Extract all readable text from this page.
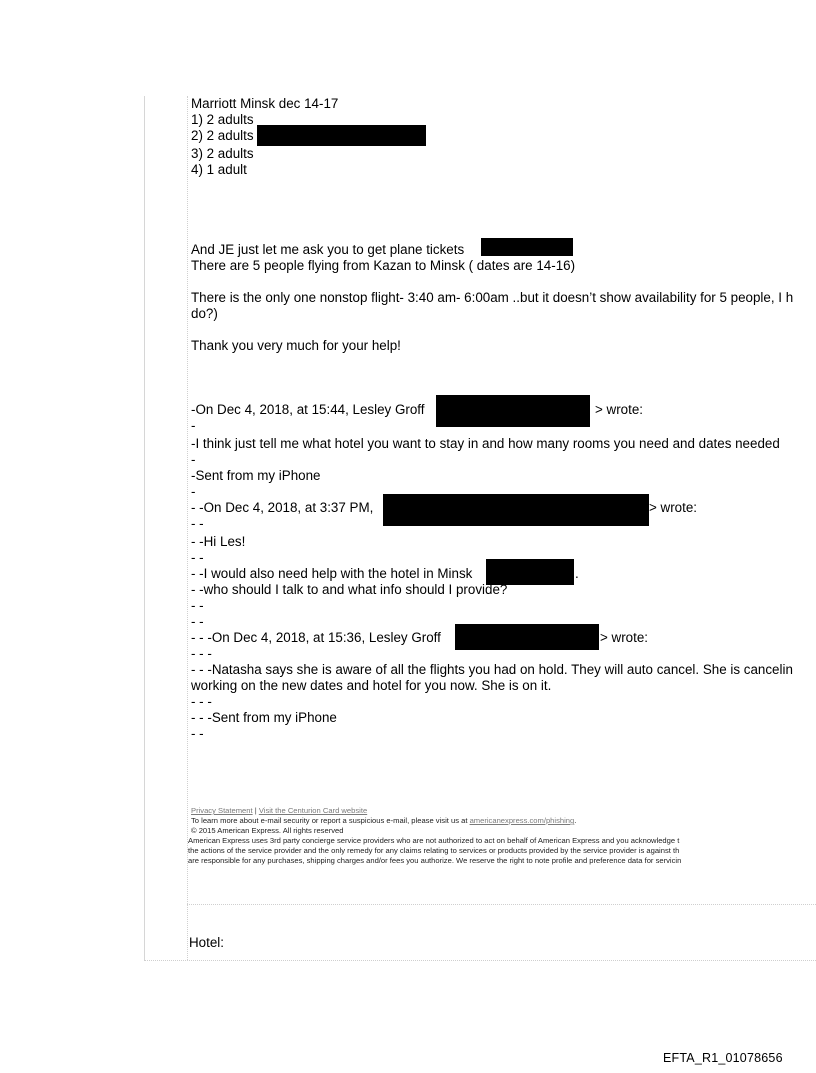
Marriott Minsk dec 14-17
1) 2 adults
2) 2 adults
3) 2 adults
4) 1 adult
And JE just let me ask you to get plane tickets
There are 5 people flying from Kazan to Minsk ( dates are 14-16)
There is the only one nonstop flight- 3:40 am- 6:00am ..but it doesn’t show availability for 5 people, I h
do?)
Thank you very much for your help!
-On Dec 4, 2018, at 15:44, Lesley Groff	> wrote:
-
-I think just tell me what hotel you want to stay in and how many rooms you need and dates needed
-
-Sent from my iPhone
-
- -On Dec 4, 2018, at 3:37 PM,	> wrote:
- -
- -Hi Les!
- -
- -I would also need help with the hotel in Minsk	.
- -who should I talk to and what info should I provide?
- -
- -
- - -On Dec 4, 2018, at 15:36, Lesley Groff	> wrote:
- - -
- - -Natasha says she is aware of all the flights you had on hold. They will auto cancel. She is cancelin
working on the new dates and hotel for you now. She is on it.
- - -
- - -Sent from my iPhone
- -
Privacy Statement | Visit the Centurion Card website
To learn more about e-mail security or report a suspicious e-mail, please visit us at americanexpress.com/phishing.
© 2015 American Express. All rights reserved
American Express uses 3rd party concierge service providers who are not authorized to act on behalf of American Express and you acknowledge t
the actions of the service provider and the only remedy for any claims relating to services or products provided by the service provider is against th
are responsible for any purchases, shipping charges and/or fees you authorize. We reserve the right to note profile and preference data for servicin
Hotel:
EFTA_R1_01078656
